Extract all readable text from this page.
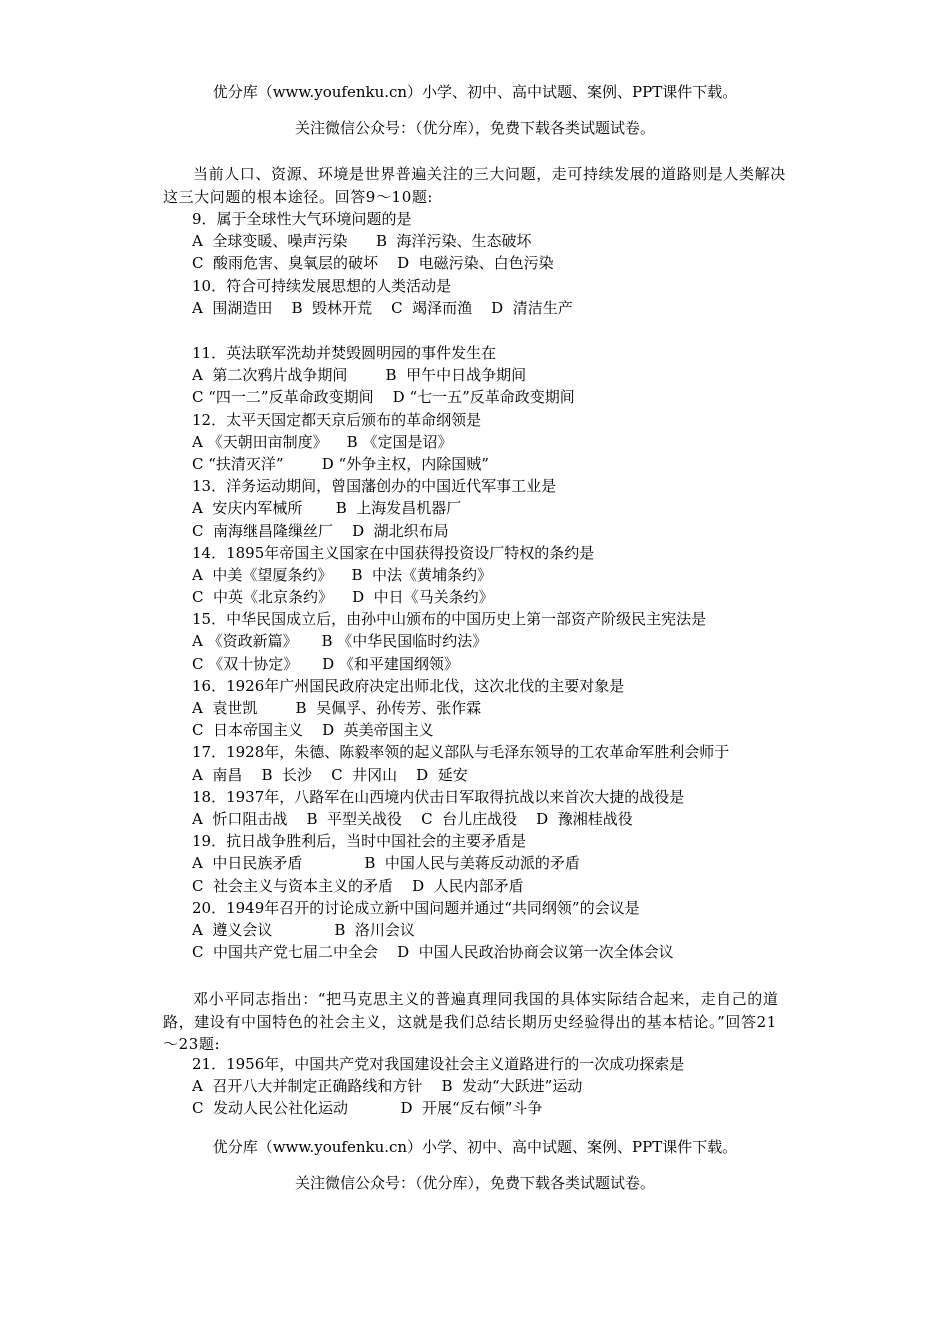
优分库（www.youfenku.cn）小学、初中、高中试题、案例、PPT课件下载。
关注微信公众号：（优分库），免费下载各类试题试卷。
当前人口、资源、环境是世界普遍关注的三大问题，走可持续发展的道路则是人类解决这三大问题的根本途径。回答9～10题:
9．属于全球性大气环境问题的是
A  全球变暖、噪声污染      B  海洋污染、生态破坏
C  酸雨危害、臭氧层的破坏    D  电磁污染、白色污染
10．符合可持续发展思想的人类活动是
A  围湖造田    B  毁林开荒    C  竭泽而渔    D  清洁生产
11．英法联军洗劫并焚毁圆明园的事件发生在
A  第二次鸦片战争期间        B  甲午中日战争期间
C “四一二”反革命政变期间    D “七一五”反革命政变期间
12．太平天国定都天京后颁布的革命纲领是
A 《天朝田亩制度》    B 《定国是诏》
C “扶清灭洋”        D “外争主权，内除国贼”
13．洋务运动期间，曾国藩创办的中国近代军事工业是
A  安庆内军械所       B  上海发昌机器厂
C  南海继昌隆缫丝厂    D  湖北织布局
14．1895年帝国主义国家在中国获得投资设厂特权的条约是
A  中美《望厦条约》    B  中法《黄埔条约》
C  中英《北京条约》    D  中日《马关条约》
15．中华民国成立后，由孙中山颁布的中国历史上第一部资产阶级民主宪法是
A 《资政新篇》     B 《中华民国临时约法》
C 《双十协定》     D 《和平建国纲领》
16．1926年广州国民政府决定出师北伐，这次北伐的主要对象是
A  袁世凯        B  吴佩孚、孙传芳、张作霖
C  日本帝国主义    D  英美帝国主义
17．1928年，朱德、陈毅率领的起义部队与毛泽东领导的工农革命军胜利会师于
A  南昌    B  长沙    C  井冈山    D  延安
18．1937年，八路军在山西境内伏击日军取得抗战以来首次大捷的战役是
A  忻口阻击战    B  平型关战役    C  台儿庄战役    D  豫湘桂战役
19．抗日战争胜利后，当时中国社会的主要矛盾是
A  中日民族矛盾             B  中国人民与美蒋反动派的矛盾
C  社会主义与资本主义的矛盾    D  人民内部矛盾
20．1949年召开的讨论成立新中国问题并通过“共同纲领”的会议是
A  遵义会议             B  洛川会议
C  中国共产党七届二中全会    D  中国人民政治协商会议第一次全体会议
邓小平同志指出：“把马克思主义的普遍真理同我国的具体实际结合起来，走自己的道路，建设有中国特色的社会主义，这就是我们总结长期历史经验得出的基本桔论。”回答21～23题:
21．1956年，中国共产党对我国建设社会主义道路进行的一次成功探索是
A  召开八大并制定正确路线和方针    B  发动“大跃进”运动
C  发动人民公社化运动           D  开展“反右倾”斗争
优分库（www.youfenku.cn）小学、初中、高中试题、案例、PPT课件下载。
关注微信公众号：（优分库），免费下载各类试题试卷。
